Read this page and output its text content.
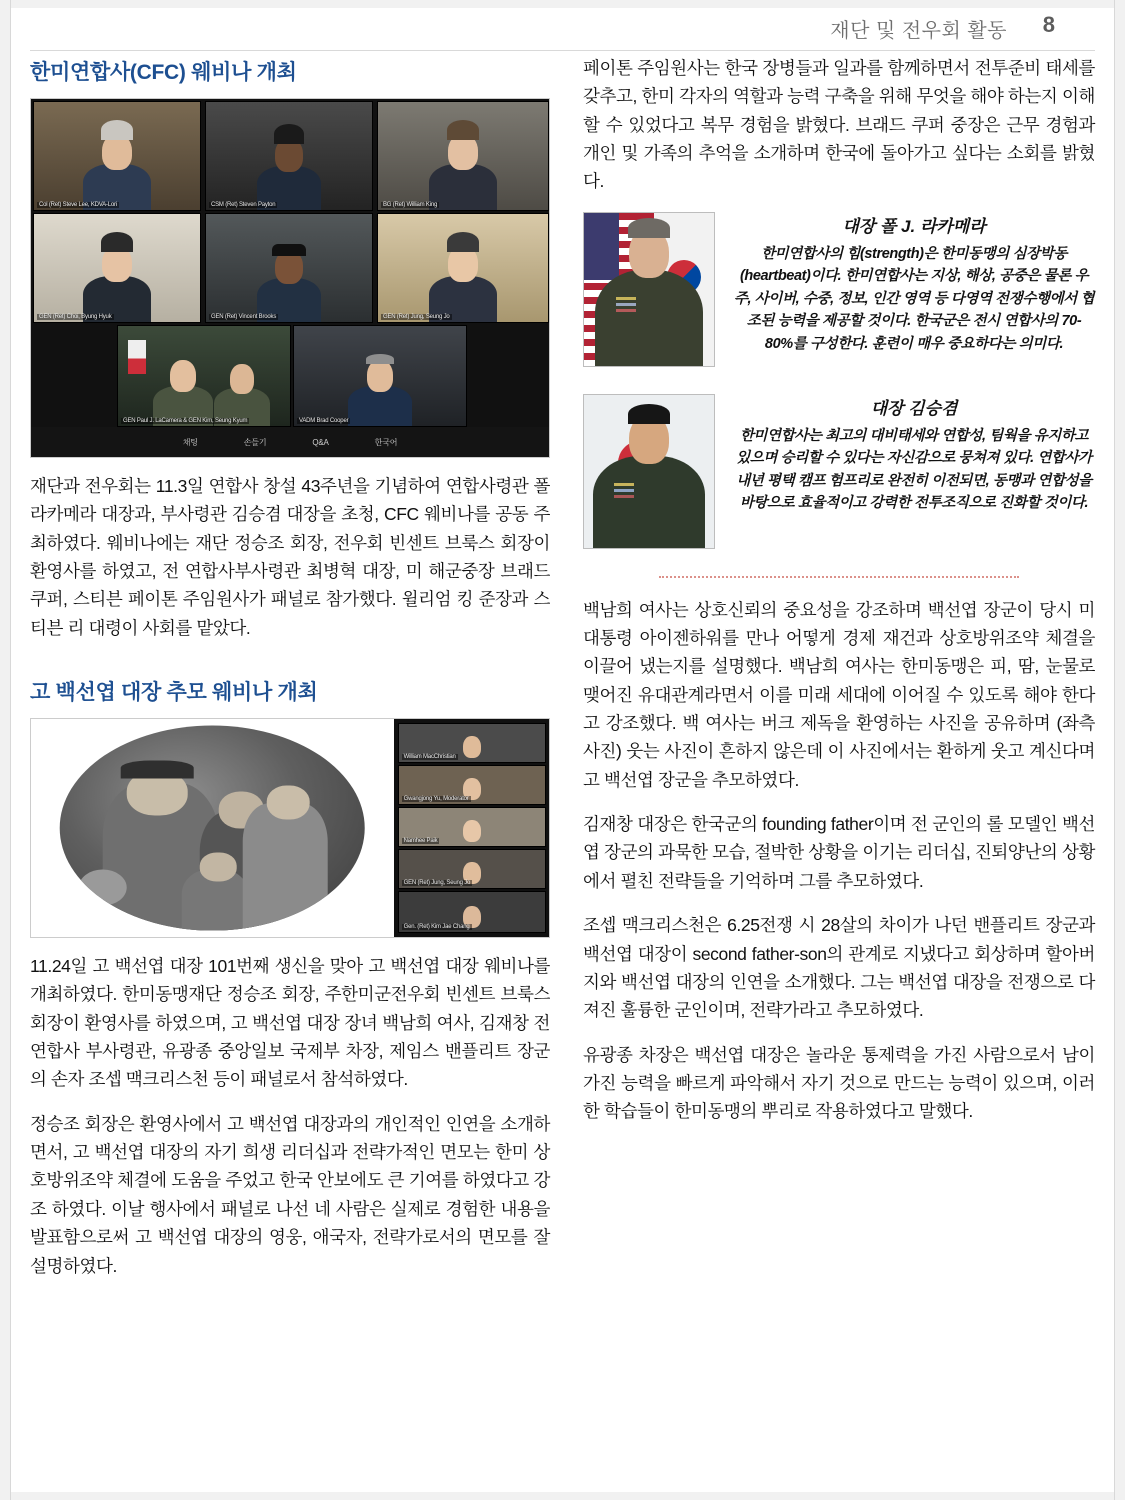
재단 및 전우회 활동 8
한미연합사(CFC) 웨비나 개최
Col (Ret) Steve Lee, KDVA-Lori	CSM (Ret) Steven Payton	BG (Ret) William King
GEN (Ret) Choi, Byung Hyuk	GEN (Ret) Vincent Brooks	GEN (Ret) Jung, Seung Jo
GEN Paul J. LaCamera & GEN Kim, Seung Kyum	VADM Brad Cooper
채팅	손들기	Q&A	한국어

재단과 전우회는 11.3일 연합사 창설 43주년을 기념하여 연합사령관 폴 라카메라 대장과, 부사령관 김승겸 대장을 초청, CFC 웨비나를 공동 주최하였다. 웨비나에는 재단 정승조 회장, 전우회 빈센트 브룩스 회장이 환영사를 하였고, 전 연합사부사령관 최병혁 대장, 미 해군중장 브래드 쿠퍼, 스티븐 페이톤 주임원사가 패널로 참가했다. 윌리엄 킹 준장과 스티븐 리 대령이 사회를 맡았다.

고 백선엽 대장 추모 웨비나 개최
William MacChristian
Gwangjong Yu, Moderator
Namhee Paik
GEN (Ret) Jung, Seung Jo
Gen. (Ret) Kim Jae Chang

11.24일 고 백선엽 대장 101번째 생신을 맞아 고 백선엽 대장 웨비나를 개최하였다. 한미동맹재단 정승조 회장, 주한미군전우회 빈센트 브룩스 회장이 환영사를 하였으며, 고 백선엽 대장 장녀 백남희 여사, 김재창 전 연합사 부사령관, 유광종 중앙일보 국제부 차장, 제임스 밴플리트 장군의 손자 조셉 맥크리스천 등이 패널로서 참석하였다.

정승조 회장은 환영사에서 고 백선엽 대장과의 개인적인 인연을 소개하면서, 고 백선엽 대장의 자기 희생 리더십과 전략가적인 면모는 한미 상호방위조약 체결에 도움을 주었고 한국 안보에도 큰 기여를 하였다고 강조 하였다. 이날 행사에서 패널로 나선 네 사람은 실제로 경험한 내용을 발표함으로써 고 백선엽 대장의 영웅, 애국자, 전략가로서의 면모를 잘 설명하였다.

페이톤 주임원사는 한국 장병들과 일과를 함께하면서 전투준비 태세를 갖추고, 한미 각자의 역할과 능력 구축을 위해 무엇을 해야 하는지 이해할 수 있었다고 복무 경험을 밝혔다. 브래드 쿠퍼 중장은 근무 경험과 개인 및 가족의 추억을 소개하며 한국에 돌아가고 싶다는 소회를 밝혔다.

대장 폴 J. 라카메라
한미연합사의 힘(strength)은 한미동맹의 심장박동(heartbeat)이다. 한미연합사는 지상, 해상, 공중은 물론 우주, 사이버, 수중, 정보, 인간 영역 등 다영역 전쟁수행에서 협조된 능력을 제공할 것이다. 한국군은 전시 연합사의 70-80%를 구성한다. 훈련이 매우 중요하다는 의미다.
대장 김승겸
한미연합사는 최고의 대비태세와 연합성, 팀웍을 유지하고 있으며 승리할 수 있다는 자신감으로 뭉쳐져 있다. 연합사가 내년 평택 캠프 험프리로 완전히 이전되면, 동맹과 연합성을 바탕으로 효율적이고 강력한 전투조직으로 진화할 것이다.

백남희 여사는 상호신뢰의 중요성을 강조하며 백선엽 장군이 당시 미 대통령 아이젠하워를 만나 어떻게 경제 재건과 상호방위조약 체결을 이끌어 냈는지를 설명했다. 백남희 여사는 한미동맹은 피, 땀, 눈물로 맺어진 유대관계라면서 이를 미래 세대에 이어질 수 있도록 해야 한다고 강조했다. 백 여사는 버크 제독을 환영하는 사진을 공유하며 (좌측 사진) 웃는 사진이 흔하지 않은데 이 사진에서는 환하게 웃고 계신다며 고 백선엽 장군을 추모하였다.

김재창 대장은 한국군의 founding father이며 전 군인의 롤 모델인 백선엽 장군의 과묵한 모습, 절박한 상황을 이기는 리더십, 진퇴양난의 상황에서 펼친 전략들을 기억하며 그를 추모하였다.

조셉 맥크리스천은 6.25전쟁 시 28살의 차이가 나던 밴플리트 장군과 백선엽 대장이 second father-son의 관계로 지냈다고 회상하며 할아버지와 백선엽 대장의 인연을 소개했다. 그는 백선엽 대장을 전쟁으로 다져진 훌륭한 군인이며, 전략가라고 추모하였다.

유광종 차장은 백선엽 대장은 놀라운 통제력을 가진 사람으로서 남이 가진 능력을 빠르게 파악해서 자기 것으로 만드는 능력이 있으며, 이러한 학습들이 한미동맹의 뿌리로 작용하였다고 말했다.
